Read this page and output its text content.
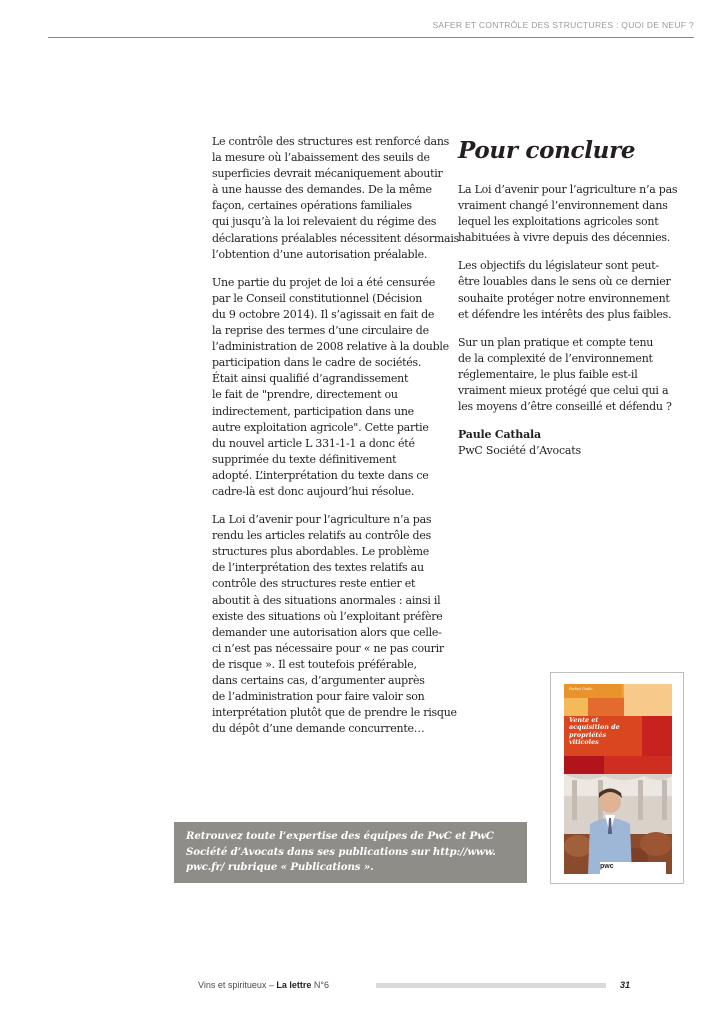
SAFER ET CONTRÔLE DES STRUCTURES : QUOI DE NEUF ?

Le contrôle des structures est renforcé dans
la mesure où l’abaissement des seuils de
superficies devrait mécaniquement aboutir
à une hausse des demandes. De la même
façon, certaines opérations familiales
qui jusqu’à la loi relevaient du régime des
déclarations préalables nécessitent désormais
l’obtention d’une autorisation préalable.

Une partie du projet de loi a été censurée
par le Conseil constitutionnel (Décision
du 9 octobre 2014). Il s’agissait en fait de
la reprise des termes d’une circulaire de
l’administration de 2008 relative à la double
participation dans le cadre de sociétés.
Était ainsi qualifié d’agrandissement
le fait de "prendre, directement ou
indirectement, participation dans une
autre exploitation agricole". Cette partie
du nouvel article L 331-1-1 a donc été
supprimée du texte définitivement
adopté. L’interprétation du texte dans ce
cadre-là est donc aujourd’hui résolue.

La Loi d’avenir pour l’agriculture n’a pas
rendu les articles relatifs au contrôle des
structures plus abordables. Le problème
de l’interprétation des textes relatifs au
contrôle des structures reste entier et
aboutit à des situations anormales : ainsi il
existe des situations où l’exploitant préfère
demander une autorisation alors que celle-
ci n’est pas nécessaire pour « ne pas courir
de risque ». Il est toutefois préférable,
dans certains cas, d’argumenter auprès
de l’administration pour faire valoir son
interprétation plutôt que de prendre le risque
du dépôt d’une demande concurrente…

Pour conclure

La Loi d’avenir pour l’agriculture n’a pas
vraiment changé l’environnement dans
lequel les exploitations agricoles sont
habituées à vivre depuis des décennies.

Les objectifs du législateur sont peut-
être louables dans le sens où ce dernier
souhaite protéger notre environnement
et défendre les intérêts des plus faibles.

Sur un plan pratique et compte tenu
de la complexité de l’environnement
réglementaire, le plus faible est-il
vraiment mieux protégé que celui qui a
les moyens d’être conseillé et défendu ?

Paule Cathala
PwC Société d’Avocats
Retrouvez toute l’expertise des équipes de PwC et PwC
Société d’Avocats dans ses publications sur http://www.
pwc.fr/ rubrique « Publications ».
Pocket Guide
Vente et
acquisition de
propriétés
viticoles
pwc
Vins et spiritueux – La lettre N°6	31
